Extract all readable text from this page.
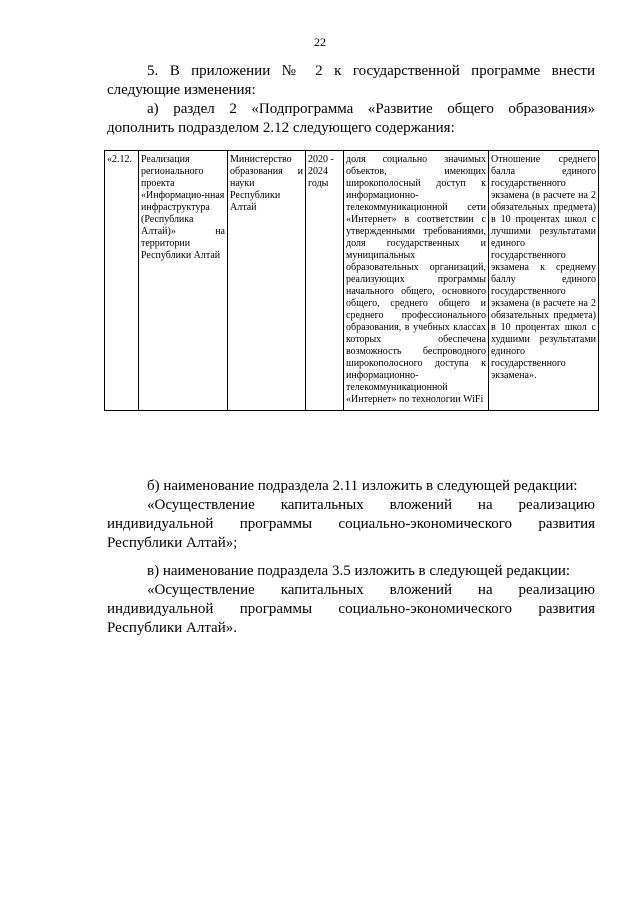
22
5. В приложении № 2 к государственной программе внести
следующие изменения:
а) раздел 2 «Подпрограмма «Развитие общего образования»
дополнить подразделом 2.12 следующего содержания:
«2.12.	Реализация регионального проекта «Информацио-нная инфраструктура (Республика Алтай)» на территории Республики Алтай	Министерство образования и науки Республики Алтай	2020 - 2024 годы	доля социально значимых объектов, имеющих широкополосный доступ к информационно-телекоммуникационной сети «Интернет» в соответствии с утвержденными требованиями, доля государственных и муниципальных образовательных организаций, реализующих программы начального общего, основного общего, среднего общего и среднего профессионального образования, в учебных классах которых обеспечена возможность беспроводного широкополосного доступа к информационно-телекоммуникационной «Интернет» по технологии WiFi	Отношение среднего балла единого государственного экзамена (в расчете на 2 обязательных предмета) в 10 процентах школ с лучшими результатами единого государственного экзамена к среднему баллу единого государственного экзамена (в расчете на 2 обязательных предмета) в 10 процентах школ с худшими результатами единого государственного экзамена».
б) наименование подраздела 2.11 изложить в следующей редакции:
«Осуществление капитальных вложений на реализацию
индивидуальной программы социально-экономического развития
Республики Алтай»;
в) наименование подраздела 3.5 изложить в следующей редакции:
«Осуществление капитальных вложений на реализацию
индивидуальной программы социально-экономического развития
Республики Алтай».
